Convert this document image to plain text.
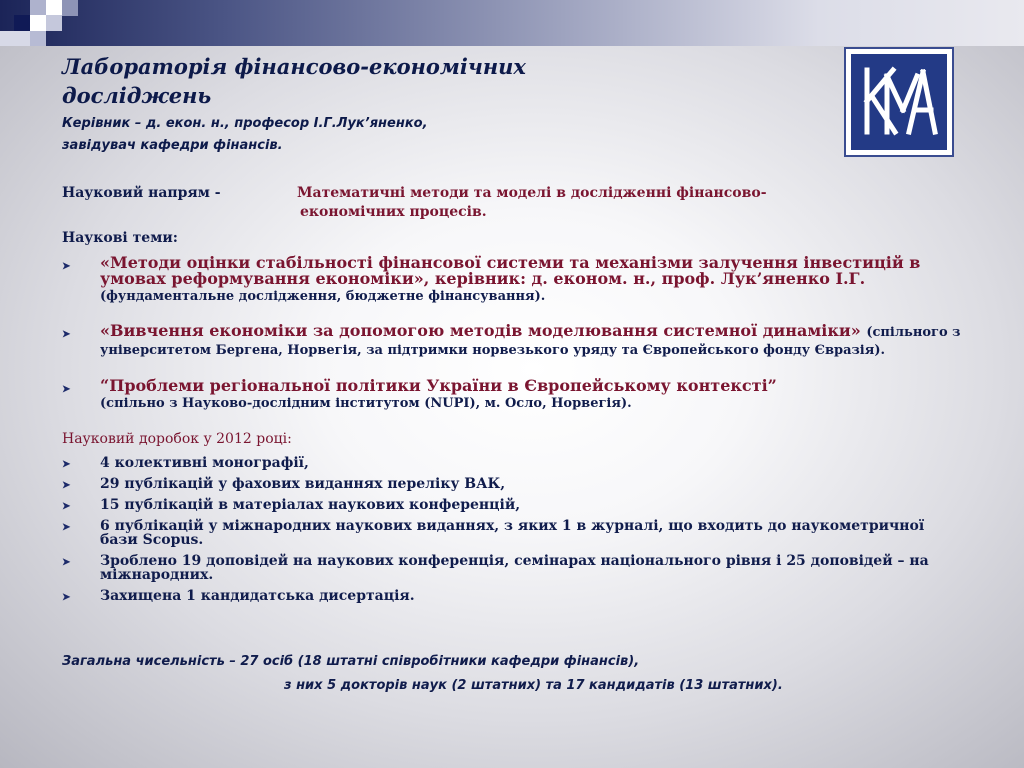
Лабораторія фінансово-економічних
досліджень
Керівник – д. екон. н., професор І.Г.Лук’яненко,
завідувач кафедри фінансів.
Науковий напрям -	Математичні методи та моделі в дослідженні фінансово-
економічних процесів.
Наукові теми:
➤ «Методи оцінки стабільності фінансової системи та механізми залучення інвестицій в умовах реформування економіки», керівник: д. економ. н., проф. Лук’яненко І.Г. (фундаментальне дослідження, бюджетне фінансування).
➤ «Вивчення економіки за допомогою методів моделювання системної динаміки» (спільного з університетом Бергена, Норвегія, за підтримки норвезького уряду та Європейського фонду Євразія).
➤ “Проблеми регіональної політики України в Європейському контексті”
(спільно з Науково-дослідним інститутом (NUPI), м. Осло, Норвегія).
Науковий доробок у 2012 році:
➤ 4 колективні монографії,
➤ 29 публікацій у фахових виданнях переліку ВАК,
➤ 15 публікацій в матеріалах наукових конференцій,
➤ 6 публікацій у міжнародних наукових виданнях, з яких 1 в журналі, що входить до наукометричної бази Scopus.
➤ Зроблено 19 доповідей на наукових конференція, семінарах національного рівня і 25 доповідей – на міжнародних.
➤ Захищена 1 кандидатська дисертація.
Загальна чисельність – 27 осіб (18 штатні співробітники кафедри фінансів),
з них 5 докторів наук (2 штатних) та 17 кандидатів (13 штатних).
